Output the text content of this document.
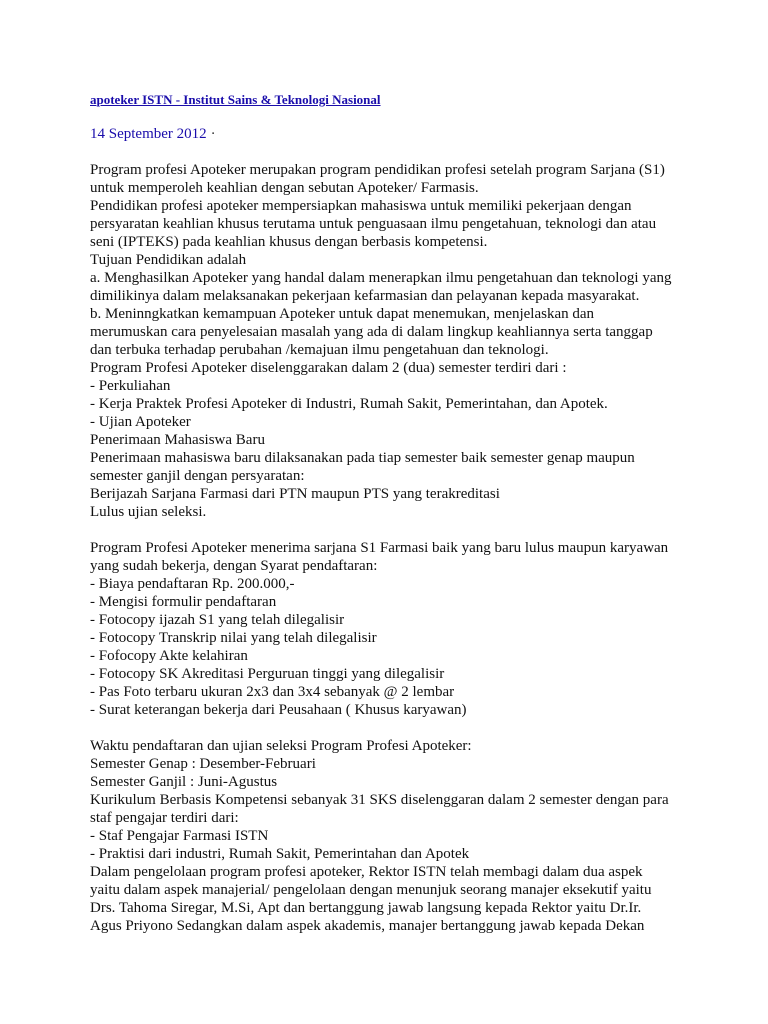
apoteker ISTN - Institut Sains & Teknologi Nasional
14 September 2012 ·
Program profesi Apoteker merupakan program pendidikan profesi setelah program Sarjana (S1)
untuk memperoleh keahlian dengan sebutan Apoteker/ Farmasis.
Pendidikan profesi apoteker mempersiapkan mahasiswa untuk memiliki pekerjaan dengan
persyaratan keahlian khusus terutama untuk penguasaan ilmu pengetahuan, teknologi dan atau
seni (IPTEKS) pada keahlian khusus dengan berbasis kompetensi.
Tujuan Pendidikan adalah
a. Menghasilkan Apoteker yang handal dalam menerapkan ilmu pengetahuan dan teknologi yang
dimilikinya dalam melaksanakan pekerjaan kefarmasian dan pelayanan kepada masyarakat.
b. Meninngkatkan kemampuan Apoteker untuk dapat menemukan, menjelaskan dan
merumuskan cara penyelesaian masalah yang ada di dalam lingkup keahliannya serta tanggap
dan terbuka terhadap perubahan /kemajuan ilmu pengetahuan dan teknologi.
Program Profesi Apoteker diselenggarakan dalam 2 (dua) semester terdiri dari :
- Perkuliahan
- Kerja Praktek Profesi Apoteker di Industri, Rumah Sakit, Pemerintahan, dan Apotek.
- Ujian Apoteker
Penerimaan Mahasiswa Baru
Penerimaan mahasiswa baru dilaksanakan pada tiap semester baik semester genap maupun
semester ganjil dengan persyaratan:
Berijazah Sarjana Farmasi dari PTN maupun PTS yang terakreditasi
Lulus ujian seleksi.
Program Profesi Apoteker menerima sarjana S1 Farmasi baik yang baru lulus maupun karyawan
yang sudah bekerja, dengan Syarat pendaftaran:
- Biaya pendaftaran Rp. 200.000,-
- Mengisi formulir pendaftaran
- Fotocopy ijazah S1 yang telah dilegalisir
- Fotocopy Transkrip nilai yang telah dilegalisir
- Fofocopy Akte kelahiran
- Fotocopy SK Akreditasi Perguruan tinggi yang dilegalisir
- Pas Foto terbaru ukuran 2x3 dan 3x4 sebanyak @ 2 lembar
- Surat keterangan bekerja dari Peusahaan ( Khusus karyawan)
Waktu pendaftaran dan ujian seleksi Program Profesi Apoteker:
Semester Genap : Desember-Februari
Semester Ganjil : Juni-Agustus
Kurikulum Berbasis Kompetensi sebanyak 31 SKS diselenggaran dalam 2 semester dengan para
staf pengajar terdiri dari:
- Staf Pengajar Farmasi ISTN
- Praktisi dari industri, Rumah Sakit, Pemerintahan dan Apotek
Dalam pengelolaan program profesi apoteker, Rektor ISTN telah membagi dalam dua aspek
yaitu dalam aspek manajerial/ pengelolaan dengan menunjuk seorang manajer eksekutif yaitu
Drs. Tahoma Siregar, M.Si, Apt dan bertanggung jawab langsung kepada Rektor yaitu Dr.Ir.
Agus Priyono Sedangkan dalam aspek akademis, manajer bertanggung jawab kepada Dekan
